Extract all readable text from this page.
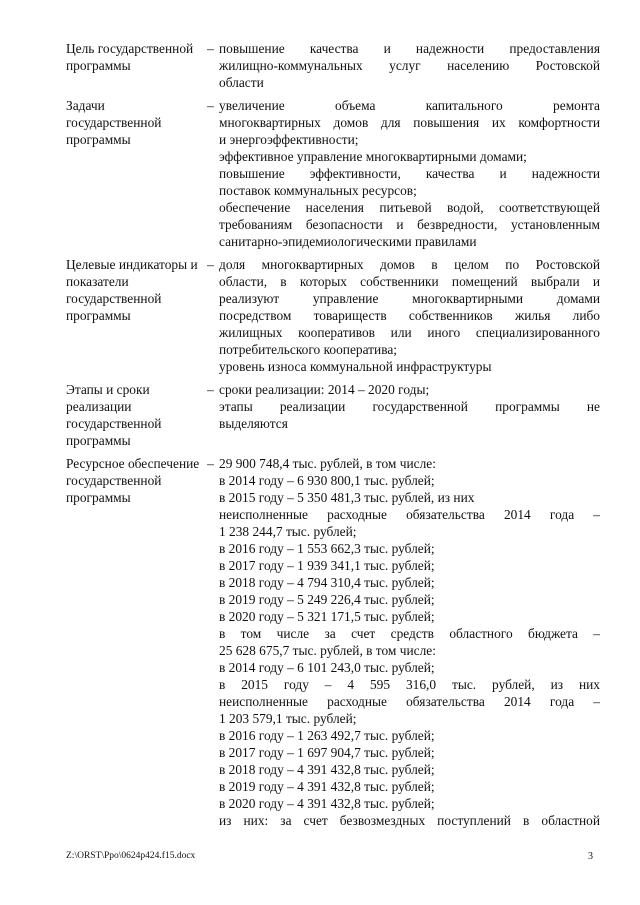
Цель государственной программы
– повышение качества и надежности предоставления

жилищно-коммунальных услуг населению Ростовской

области

Задачи государственной программы
– увеличение объема капитального ремонта

многоквартирных домов для повышения их комфортности

и энергоэффективности;

эффективное управление многоквартирными домами;

повышение эффективности, качества и надежности

поставок коммунальных ресурсов;

обеспечение населения питьевой водой, соответствующей

требованиям безопасности и безвредности, установленным

санитарно-эпидемиологическими правилами

Целевые индикаторы и показатели государственной программы
– доля многоквартирных домов в целом по Ростовской

области, в которых собственники помещений выбрали и

реализуют управление многоквартирными домами

посредством товариществ собственников жилья либо

жилищных кооперативов или иного специализированного

потребительского кооператива;

уровень износа коммунальной инфраструктуры

Этапы и сроки реализации государственной программы
– сроки реализации: 2014 – 2020 годы;

этапы реализации государственной программы не

выделяются

Ресурсное обеспечение государственной программы
– 29 900 748,4 тыс. рублей, в том числе:

в 2014 году – 6 930 800,1 тыс. рублей;

в 2015 году – 5 350 481,3 тыс. рублей, из них

неисполненные расходные обязательства 2014 года –

1 238 244,7 тыс. рублей;

в 2016 году – 1 553 662,3 тыс. рублей;

в 2017 году – 1 939 341,1 тыс. рублей;

в 2018 году – 4 794 310,4 тыс. рублей;

в 2019 году – 5 249 226,4 тыс. рублей;

в 2020 году – 5 321 171,5 тыс. рублей;

в том числе за счет средств областного бюджета –

25 628 675,7 тыс. рублей, в том числе:

в 2014 году – 6 101 243,0 тыс. рублей;

в 2015 году – 4 595 316,0 тыс. рублей, из них

неисполненные расходные обязательства 2014 года –

1 203 579,1 тыс. рублей;

в 2016 году – 1 263 492,7 тыс. рублей;

в 2017 году – 1 697 904,7 тыс. рублей;

в 2018 году – 4 391 432,8 тыс. рублей;

в 2019 году – 4 391 432,8 тыс. рублей;

в 2020 году – 4 391 432,8 тыс. рублей;

из них: за счет безвозмездных поступлений в областной

Z:\ORST\Ppo\0624p424.f15.docx	3
